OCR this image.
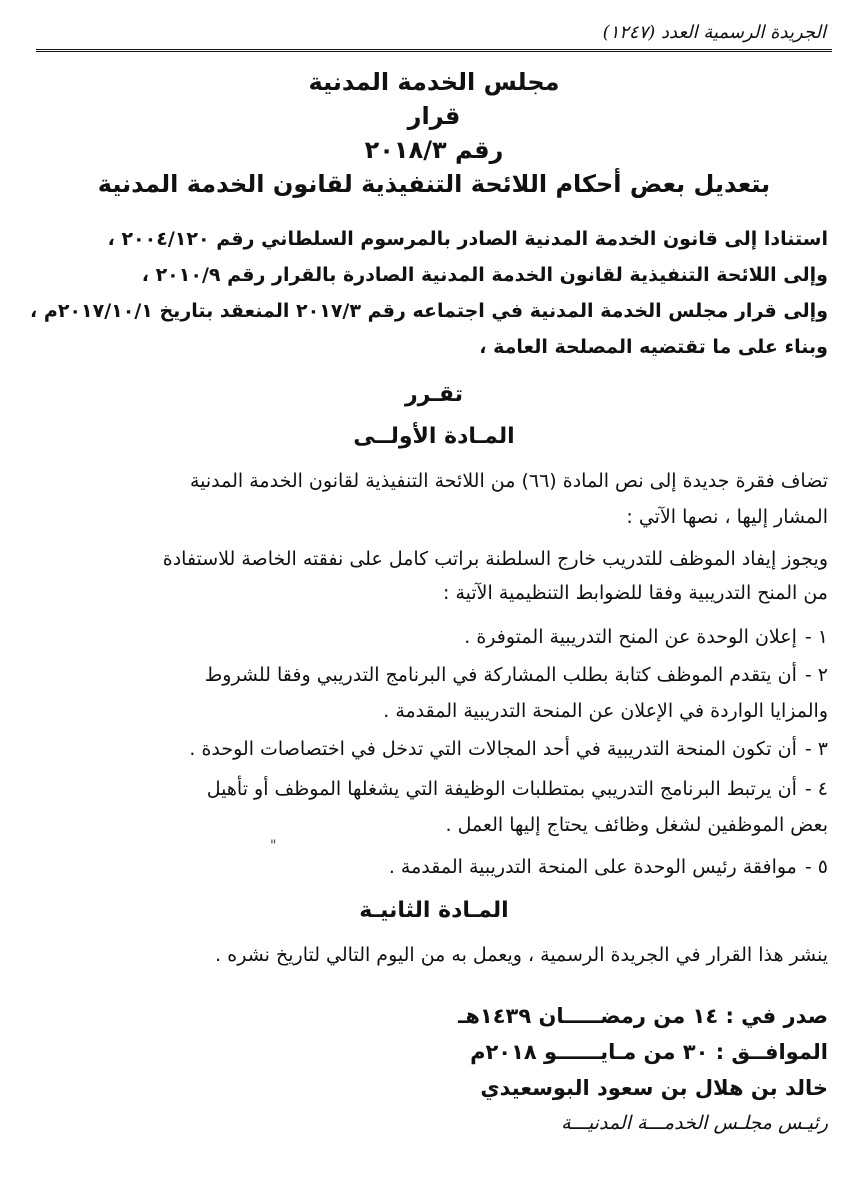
الجريدة الرسمية العدد (١٢٤٧)
مجلس الخدمة المدنية
قرار
رقم ٢٠١٨/٣
بتعديل بعض أحكام اللائحة التنفيذية لقانون الخدمة المدنية
استنادا إلى قانون الخدمة المدنية الصادر بالمرسوم السلطاني رقم ٢٠٠٤/١٢٠ ،
وإلى اللائحة التنفيذية لقانون الخدمة المدنية الصادرة بالقرار رقم ٢٠١٠/٩ ،
وإلى قرار مجلس الخدمة المدنية في اجتماعه رقم ٢٠١٧/٣ المنعقد بتاريخ ٢٠١٧/١٠/١م ،
وبناء على ما تقتضيه المصلحة العامة ،
تقـرر
المـادة الأولــى
تضاف فقرة جديدة إلى نص المادة (٦٦) من اللائحة التنفيذية لقانون الخدمة المدنية
المشار إليها ، نصها الآتي :
ويجوز إيفاد الموظف للتدريب خارج السلطنة براتب كامل على نفقته الخاصة للاستفادة
من المنح التدريبية وفقا للضوابط التنظيمية الآتية :
١ -إعلان الوحدة عن المنح التدريبية المتوفرة .
٢ -أن يتقدم الموظف كتابة بطلب المشاركة في البرنامج التدريبي وفقا للشروط
والمزايا الواردة في الإعلان عن المنحة التدريبية المقدمة .
٣ -أن تكون المنحة التدريبية في أحد المجالات التي تدخل في اختصاصات الوحدة .
٤ -أن يرتبط البرنامج التدريبي بمتطلبات الوظيفة التي يشغلها الموظف أو تأهيل
بعض الموظفين لشغل وظائف يحتاج إليها العمل .
"
٥ -موافقة رئيس الوحدة على المنحة التدريبية المقدمة .
المـادة الثانيـة
ينشر هذا القرار في الجريدة الرسمية ، ويعمل به من اليوم التالي لتاريخ نشره .
صدر في : ١٤ من رمضـــــان ١٤٣٩هـ
الموافــق : ٣٠ من مـايــــــو ٢٠١٨م
خالد بن هلال بن سعود البوسعيدي
رئيـس مجلـس الخدمـــة المدنيـــة
